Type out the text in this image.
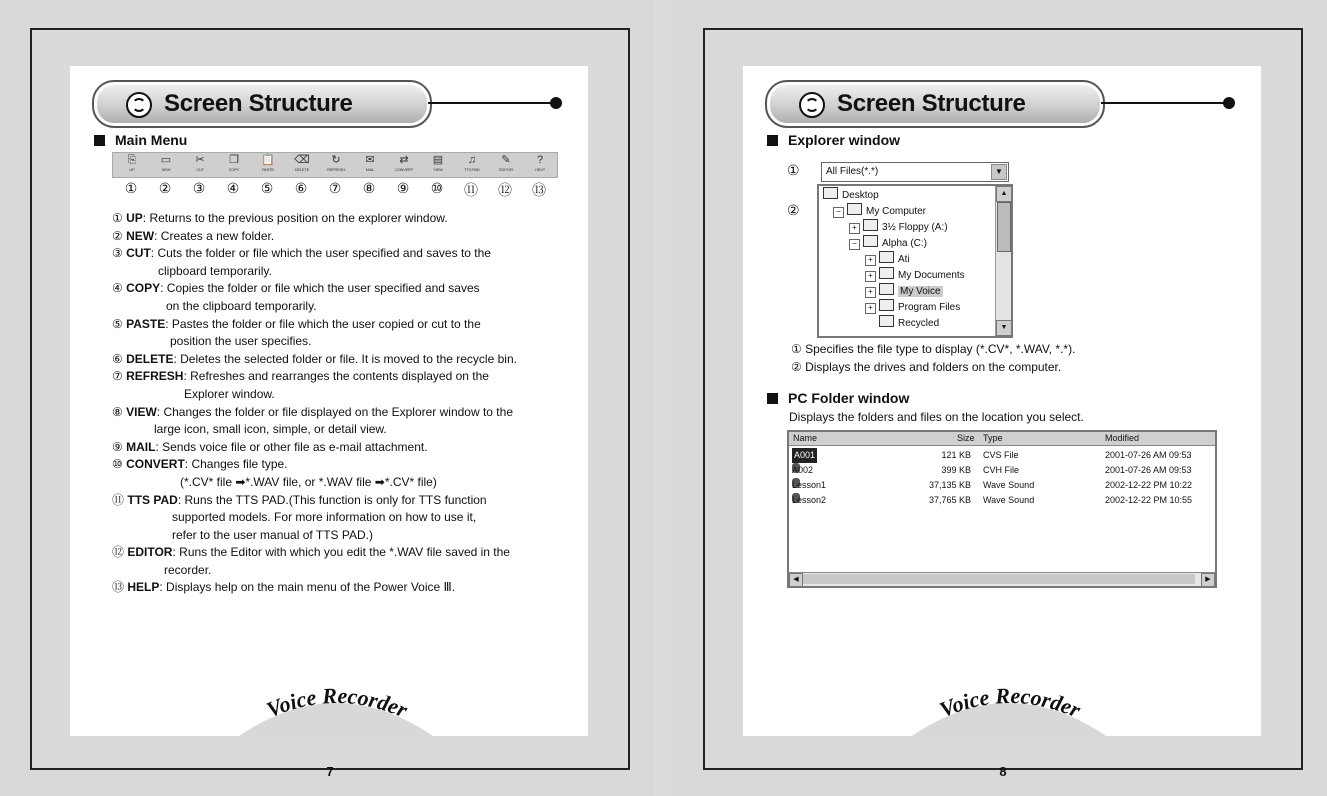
Screen Structure
Main Menu
⎘
UP
▭
NEW
✂
CUT
❐
COPY
📋
PASTE
⌫
DELETE
↻
REFRESH
✉
MAIL
⇄
CONVERT
▤
VIEW
♫
TTS PAD
✎
EDITOR
?
HELP
①	②	③	④	⑤	⑥	⑦	⑧	⑨	⑩	⑪	⑫	⑬
① UP: Returns to the previous position on the explorer window.
② NEW: Creates a new folder.
③ CUT: Cuts the folder or file which the user specified and saves to the
clipboard temporarily.
④ COPY: Copies the folder or file which the user specified and saves
on the clipboard temporarily.
⑤ PASTE: Pastes the folder or file which the user copied or cut to the
position the user specifies.
⑥ DELETE: Deletes the selected folder or file. It is moved to the recycle bin.
⑦ REFRESH: Refreshes and rearranges the contents displayed on the
Explorer window.
⑧ VIEW: Changes the folder or file displayed on the Explorer window to the
large icon, small icon, simple, or detail view.
⑨ MAIL: Sends voice file or other file as e-mail attachment.
⑩ CONVERT: Changes file type.
(*.CV* file ➡*.WAV file, or *.WAV file ➡*.CV* file)
⑪ TTS PAD: Runs the TTS PAD.(This function is only for TTS function
supported models. For more information on how to use it,
refer to the user manual of TTS PAD.)
⑫ EDITOR: Runs the Editor with which you edit the *.WAV file saved in the
recorder.
⑬ HELP: Displays help on the main menu of the Power Voice Ⅲ.
Voice Recorder
7
Screen Structure
Explorer window
①
②
All Files(*.*)	▼
▲
▼
Desktop
−	My Computer
+	3½ Floppy (A:)
−	Alpha (C:)
+	Ati
+	My Documents
+	My Voice
+	Program Files
Recycled
① Specifies the file type to display (*.CV*, *.WAV, *.*).
② Displays the drives and folders on the computer.
PC Folder window
Displays the folders and files on the location you select.
Name	Size Type	Modified
◀	▶
A001	121 KB CVS File	2001-07-26 AM 09:53
A002	399 KB CVH File	2001-07-26 AM 09:53
Lesson1	37,135 KB Wave Sound	2002-12-22 PM 10:22
Lesson2	37,765 KB Wave Sound	2002-12-22 PM 10:55
Voice Recorder
8
